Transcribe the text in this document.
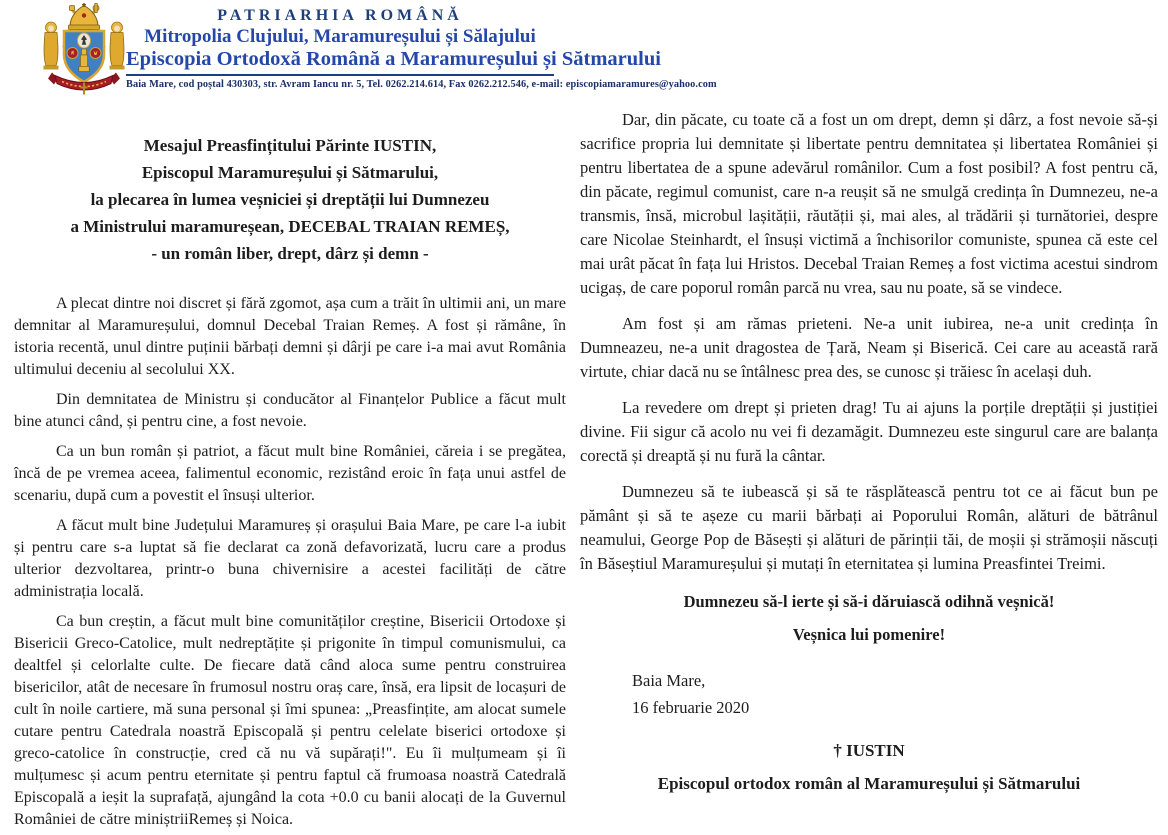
PATRIARHIA ROMÂNĂ
Mitropolia Clujului, Maramureșului și Sălajului
Episcopia Ortodoxă Română a Maramureșului și Sătmarului
Baia Mare, cod poștal 430303, str. Avram Iancu nr. 5, Tel. 0262.214.614, Fax 0262.212.546, e-mail: episcopiamaramures@yahoo.com
Mesajul Preasfințitului Părinte IUSTIN,
Episcopul Maramureșului și Sătmarului,
la plecarea în lumea veșniciei și dreptății lui Dumnezeu
a Ministrului maramureșean, DECEBAL TRAIAN REMEȘ,
- un român liber, drept, dârz și demn -

A plecat dintre noi discret și fără zgomot, așa cum a trăit în ultimii ani, un mare demnitar al Maramureșului, domnul Decebal Traian Remeș. A fost și rămâne, în istoria recentă, unul dintre puținii bărbați demni și dârji pe care i-a mai avut România ultimului deceniu al secolului XX.

Din demnitatea de Ministru și conducător al Finanțelor Publice a făcut mult bine atunci când, și pentru cine, a fost nevoie.

Ca un bun român și patriot, a făcut mult bine României, căreia i se pregătea, încă de pe vremea aceea, falimentul economic, rezistând eroic în fața unui astfel de scenariu, după cum a povestit el însuși ulterior.

A făcut mult bine Județului Maramureș și orașului Baia Mare, pe care l-a iubit și pentru care s-a luptat să fie declarat ca zonă defavorizată, lucru care a produs ulterior dezvoltarea, printr-o buna chivernisire a acestei facilități de către administrația locală.

Ca bun creștin, a făcut mult bine comunităților creștine, Bisericii Ortodoxe și Bisericii Greco-Catolice, mult nedreptățite și prigonite în timpul comunismului, ca dealtfel și celorlalte culte. De fiecare dată când aloca sume pentru construirea bisericilor, atât de necesare în frumosul nostru oraș care, însă, era lipsit de locașuri de cult în noile cartiere, mă suna personal și îmi spunea: „Preasfințite, am alocat sumele cutare pentru Catedrala noastră Episcopală și pentru celelate biserici ortodoxe și greco-catolice în construcție, cred că nu vă supărați!". Eu îi mulțumeam și îi mulțumesc și acum pentru eternitate și pentru faptul că frumoasa noastră Catedrală Episcopală a ieșit la suprafață, ajungând la cota +0.0 cu banii alocați de la Guvernul României de către miniștriiRemeș și Noica.

Dar, din păcate, cu toate că a fost un om drept, demn și dârz, a fost nevoie să-și sacrifice propria lui demnitate și libertate pentru demnitatea și libertatea României și pentru libertatea de a spune adevărul românilor. Cum a fost posibil? A fost pentru că, din păcate, regimul comunist, care n-a reușit să ne smulgă credința în Dumnezeu, ne-a transmis, însă, microbul lașității, răutății și, mai ales, al trădării și turnătoriei, despre care Nicolae Steinhardt, el însuși victimă a închisorilor comuniste, spunea că este cel mai urât păcat în fața lui Hristos. Decebal Traian Remeș a fost victima acestui sindrom ucigaș, de care poporul român parcă nu vrea, sau nu poate, să se vindece.

Am fost și am rămas prieteni. Ne-a unit iubirea, ne-a unit credința în Dumneazeu, ne-a unit dragostea de Țară, Neam și Biserică. Cei care au această rară virtute, chiar dacă nu se întâlnesc prea des, se cunosc și trăiesc în același duh.

La revedere om drept și prieten drag! Tu ai ajuns la porțile dreptății și justiției divine. Fii sigur că acolo nu vei fi dezamăgit. Dumnezeu este singurul care are balanța corectă și dreaptă și nu fură la cântar.

Dumnezeu să te iubească și să te răsplătească pentru tot ce ai făcut bun pe pământ și să te așeze cu marii bărbați ai Poporului Român, alături de bătrânul neamului, George Pop de Băsești și alături de părinții tăi, de moșii și strămoșii născuți în Băseștiul Maramureșului și mutați în eternitatea și lumina Preasfintei Treimi.

Dumnezeu să-l ierte și să-i dăruiască odihnă veșnică!

Veșnica lui pomenire!

Baia Mare,
16 februarie 2020
† IUSTIN
Episcopul ortodox român al Maramureșului și Sătmarului
